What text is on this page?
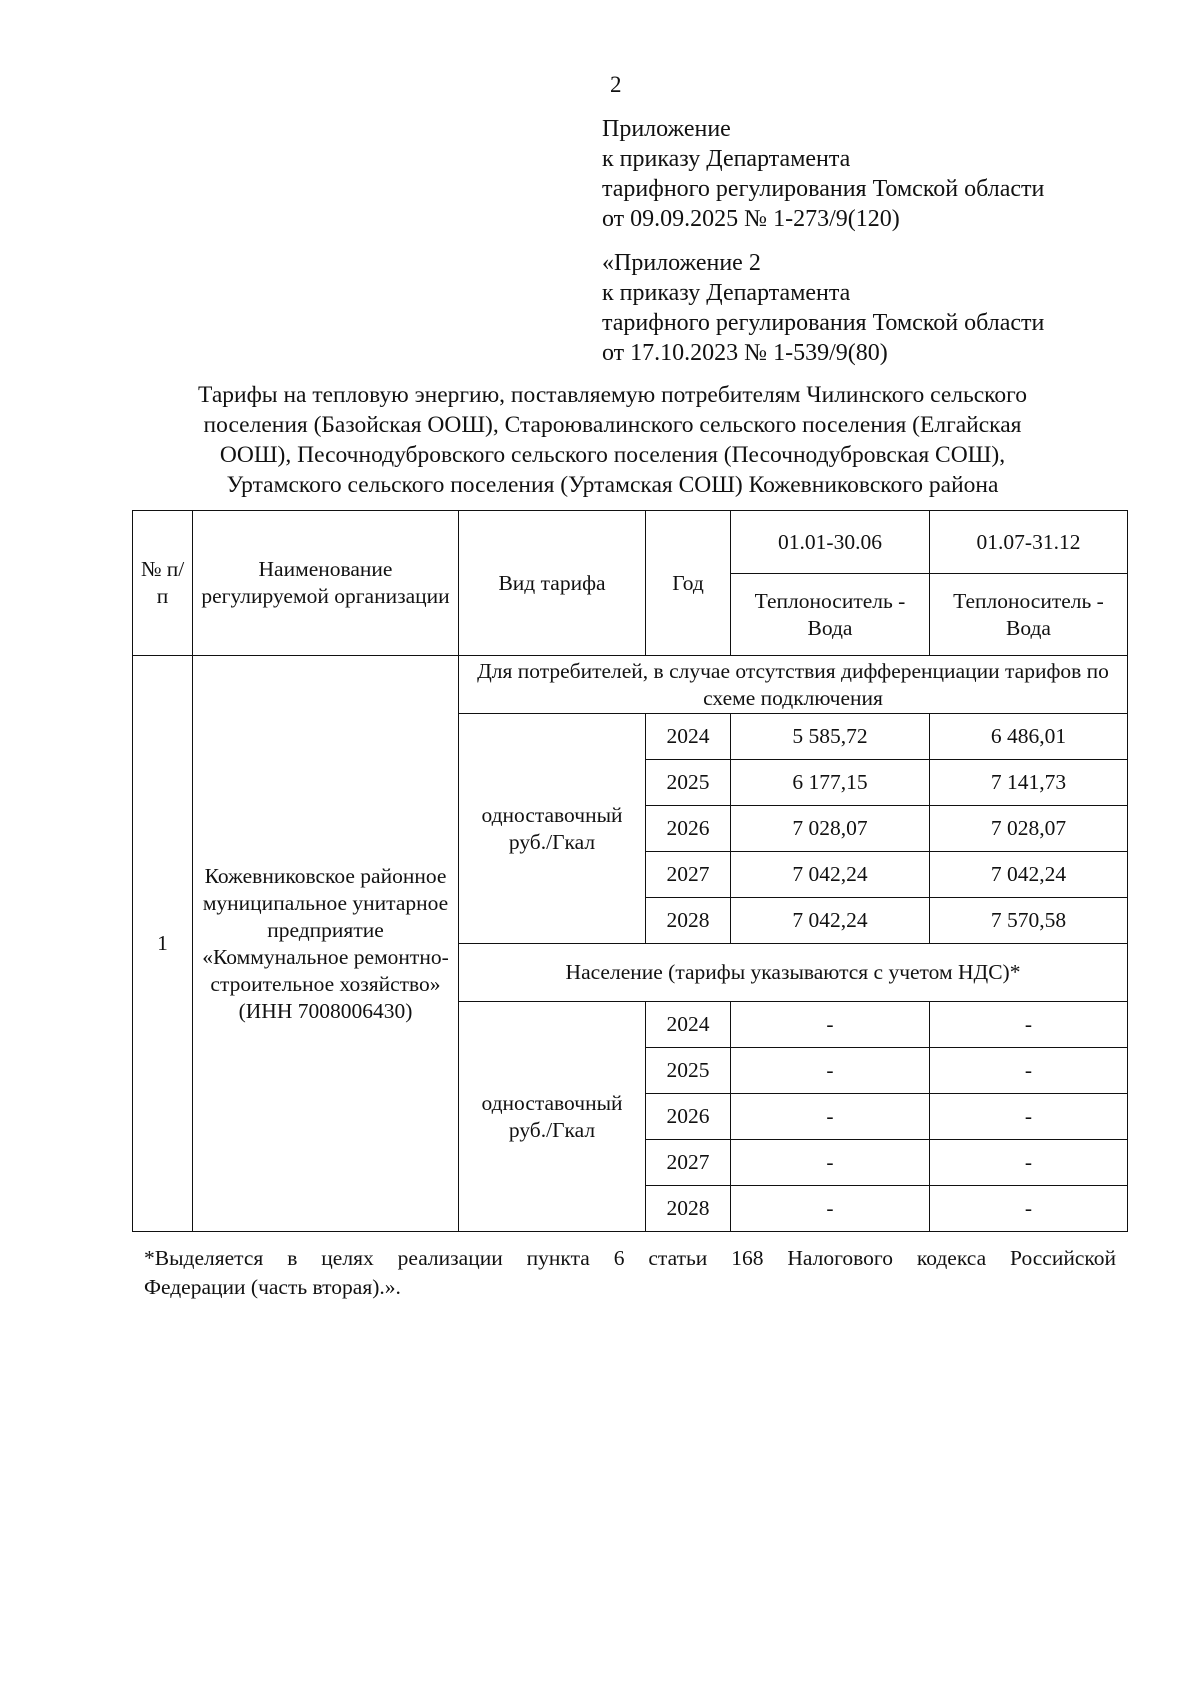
2
Приложение
к приказу Департамента
тарифного регулирования Томской области
от 09.09.2025 № 1-273/9(120)
«Приложение 2
к приказу Департамента
тарифного регулирования Томской области
от 17.10.2023 № 1-539/9(80)
Тарифы на тепловую энергию, поставляемую потребителям Чилинского сельского
поселения (Базойская ООШ), Староювалинского сельского поселения (Елгайская
ООШ), Песочнодубровского сельского поселения (Песочнодубровская СОШ),
Уртамского сельского поселения (Уртамская СОШ) Кожевниковского района
№ п/п	Наименование регулируемой организации	Вид тарифа	Год	01.01-30.06	01.07-31.12
				Теплоноситель - Вода	Теплоноситель - Вода
1	Кожевниковское районное муниципальное унитарное предприятие «Коммунальное ремонтно-строительное хозяйство» (ИНН 7008006430)	Для потребителей, в случае отсутствия дифференциации тарифов по схеме подключения			
		одноставочный руб./Гкал	2024	5 585,72	6 486,01
			2025	6 177,15	7 141,73
			2026	7 028,07	7 028,07
			2027	7 042,24	7 042,24
			2028	7 042,24	7 570,58
		Население (тарифы указываются с учетом НДС)*			
		одноставочный руб./Гкал	2024	-	-
			2025	-	-
			2026	-	-
			2027	-	-
			2028	-	-
*Выделяется в целях реализации пункта 6 статьи 168 Налогового кодекса Российской
Федерации (часть вторая).».
